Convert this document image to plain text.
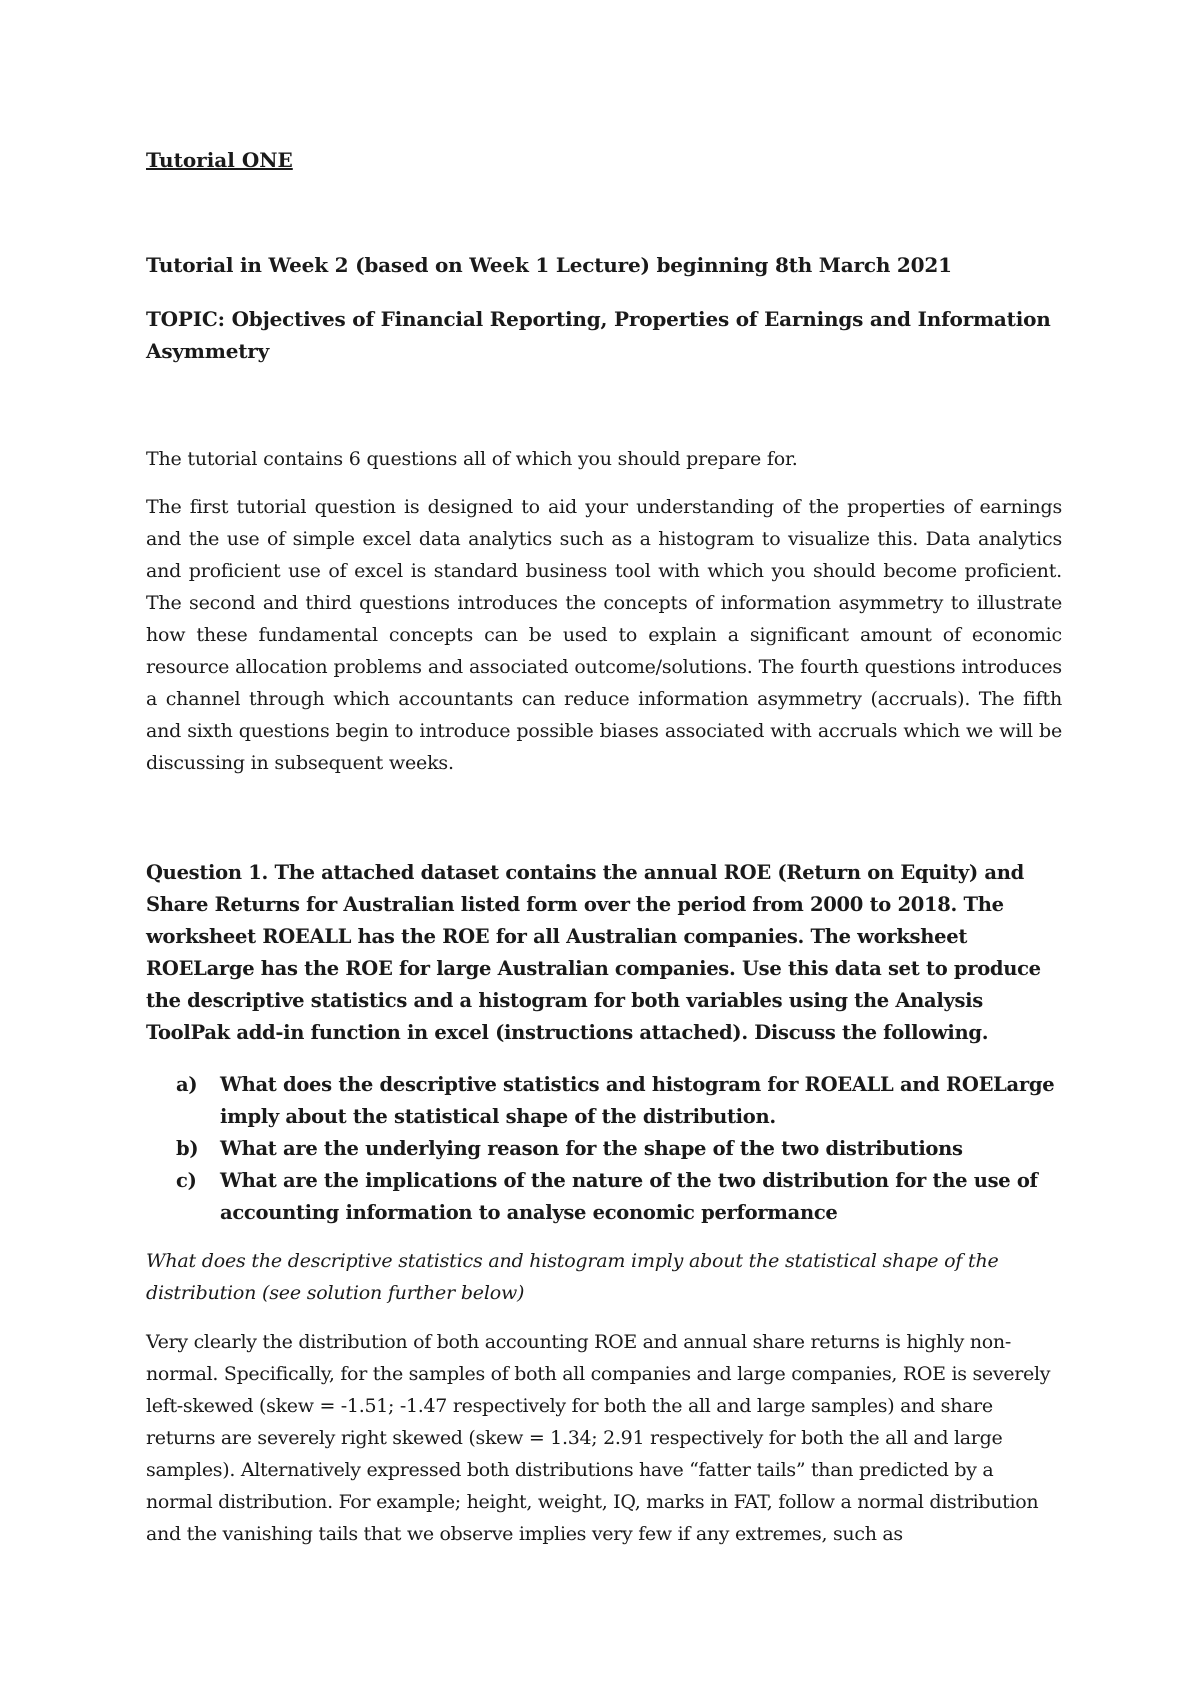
Tutorial ONE
Tutorial in Week 2 (based on Week 1 Lecture) beginning 8th March 2021
TOPIC: Objectives of Financial Reporting, Properties of Earnings and Information Asymmetry
The tutorial contains 6 questions all of which you should prepare for.
The first tutorial question is designed to aid your understanding of the properties of earnings and the use of simple excel data analytics such as a histogram to visualize this. Data analytics and proficient use of excel is standard business tool with which you should become proficient. The second and third questions introduces the concepts of information asymmetry to illustrate how these fundamental concepts can be used to explain a significant amount of economic resource allocation problems and associated outcome/solutions. The fourth questions introduces a channel through which accountants can reduce information asymmetry (accruals). The fifth and sixth questions begin to introduce possible biases associated with accruals which we will be discussing in subsequent weeks.
Question 1. The attached dataset contains the annual ROE (Return on Equity) and Share Returns for Australian listed form over the period from 2000 to 2018. The worksheet ROEALL has the ROE for all Australian companies. The worksheet ROELarge has the ROE for large Australian companies. Use this data set to produce the descriptive statistics and a histogram for both variables using the Analysis ToolPak add-in function in excel (instructions attached). Discuss the following.
a) What does the descriptive statistics and histogram for ROEALL and ROELarge imply about the statistical shape of the distribution.
b) What are the underlying reason for the shape of the two distributions
c) What are the implications of the nature of the two distribution for the use of accounting information to analyse economic performance
What does the descriptive statistics and histogram imply about the statistical shape of the distribution (see solution further below)
Very clearly the distribution of both accounting ROE and annual share returns is highly non-normal. Specifically, for the samples of both all companies and large companies, ROE is severely left-skewed (skew = -1.51; -1.47 respectively for both the all and large samples) and share returns are severely right skewed (skew = 1.34; 2.91 respectively for both the all and large samples). Alternatively expressed both distributions have “fatter tails” than predicted by a normal distribution. For example; height, weight, IQ, marks in FAT, follow a normal distribution and the vanishing tails that we observe implies very few if any extremes, such as
